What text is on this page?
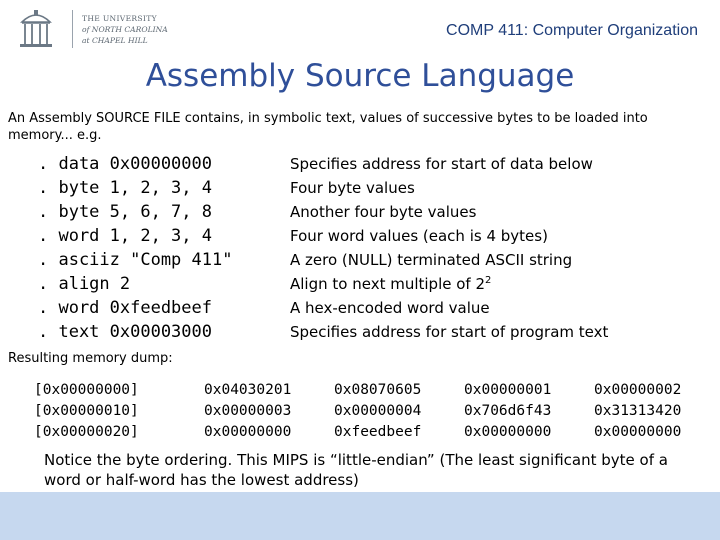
THE UNIVERSITY
of NORTH CAROLINA
at CHAPEL HILL
COMP 411: Computer Organization
Assembly Source Language
An Assembly SOURCE FILE contains, in symbolic text, values of successive bytes to be loaded into memory... e.g.
. data 0x00000000	Specifies address for start of data below
. byte 1, 2, 3, 4	Four byte values
. byte 5, 6, 7, 8	Another four byte values
. word 1, 2, 3, 4	Four word values (each is 4 bytes)
. asciiz "Comp 411"	A zero (NULL) terminated ASCII string
. align 2	Align to next multiple of $2^2$
. word 0xfeedbeef	A hex-encoded word value
. text 0x00003000	Specifies address for start of program text
Resulting memory dump:
[0x00000000]	0x04030201	0x08070605	0x00000001	0x00000002
[0x00000010]	0x00000003	0x00000004	0x706d6f43	0x31313420
[0x00000020]	0x00000000	0xfeedbeef	0x00000000	0x00000000
Notice the byte ordering. This MIPS is “little-endian” (The least significant byte of a word or half-word has the lowest address)
